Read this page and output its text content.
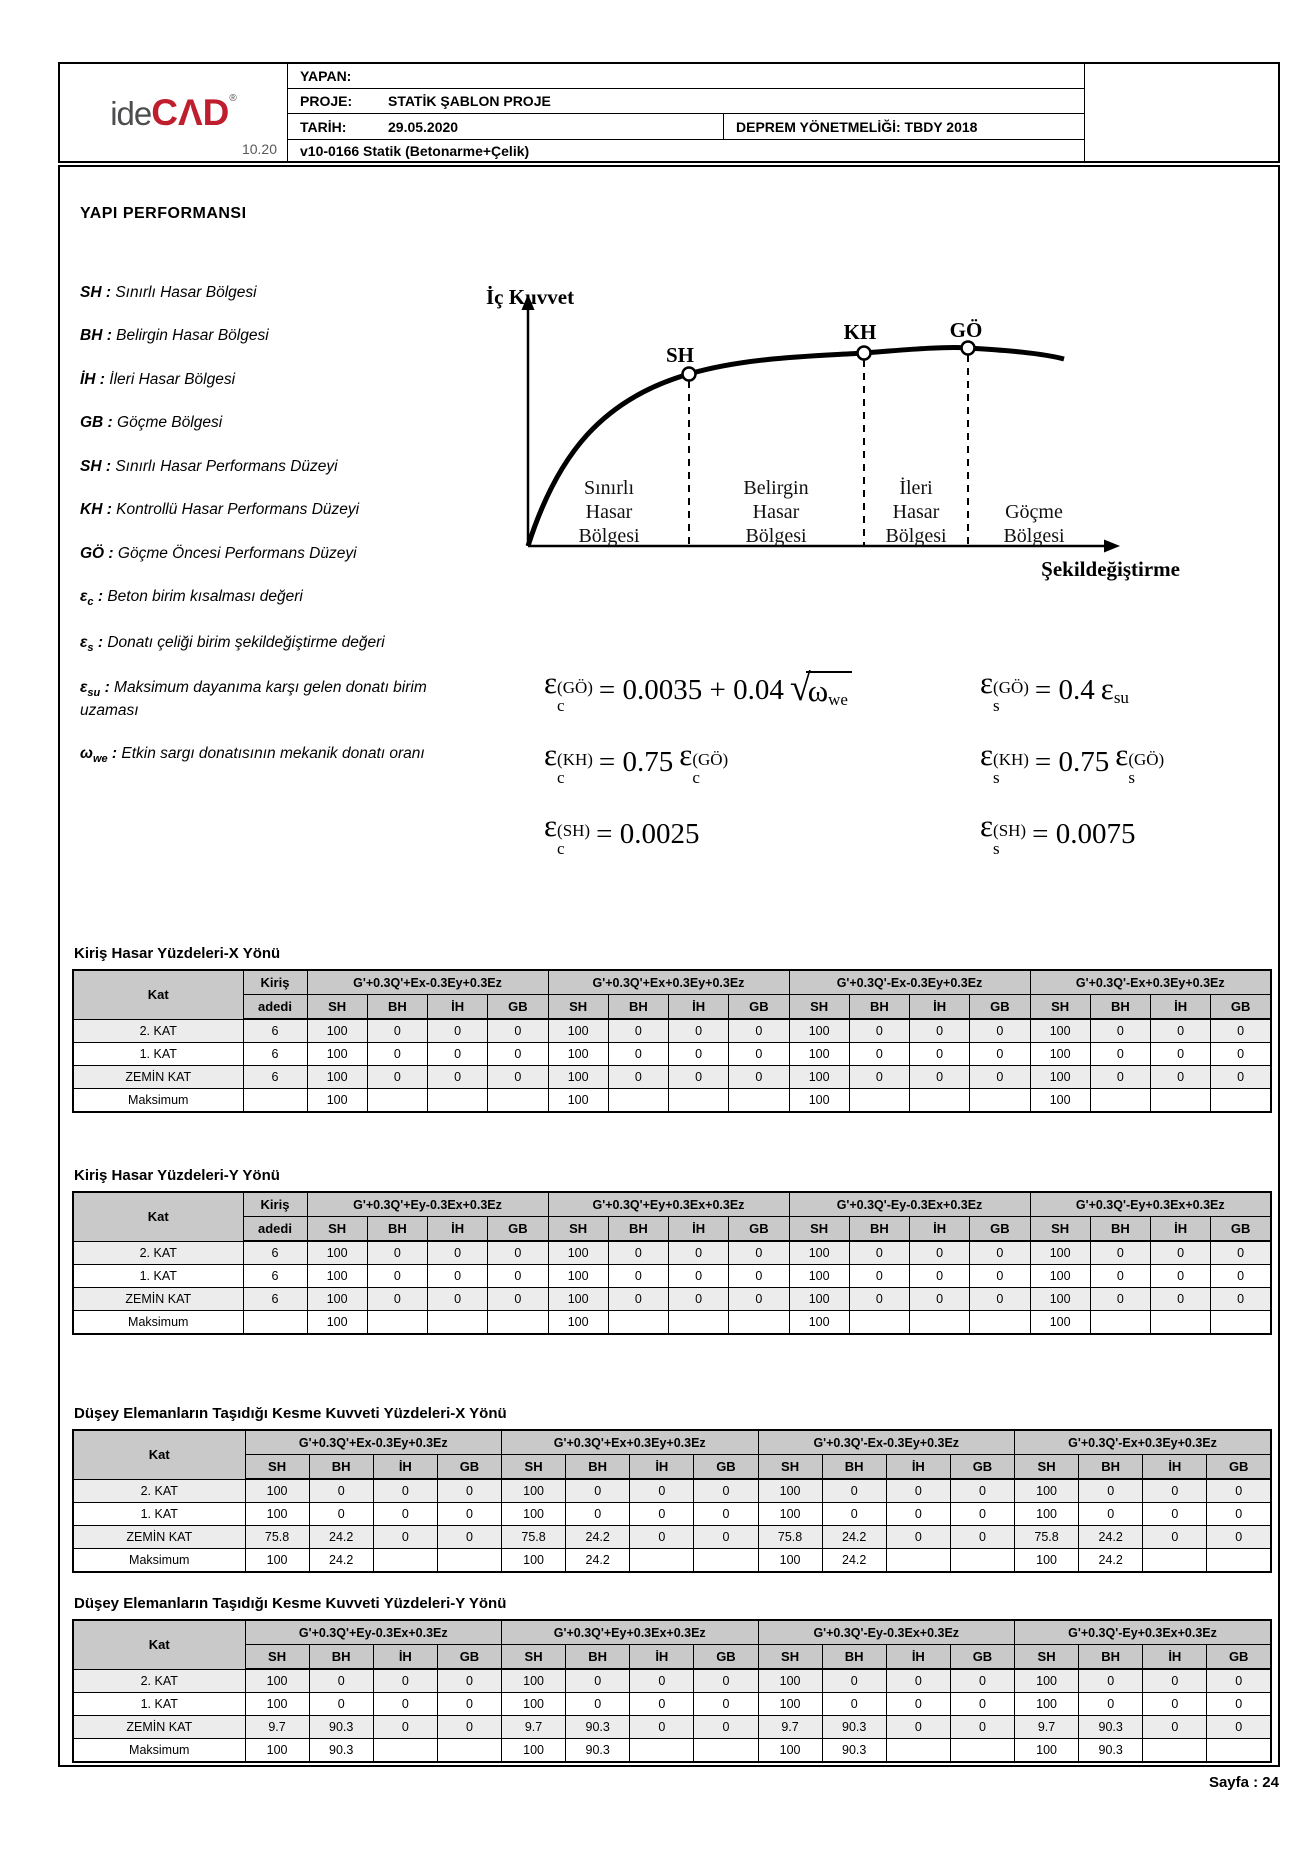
ideCΛD®
10.20
YAPAN:
PROJE:	STATİK ŞABLON PROJE
TARİH:	29.05.2020	DEPREM YÖNETMELİĞİ: TBDY 2018
v10-0166 Statik (Betonarme+Çelik)
YAPI PERFORMANSI
SH : Sınırlı Hasar Bölgesi
BH : Belirgin Hasar Bölgesi
İH : İleri Hasar Bölgesi
GB : Göçme Bölgesi
SH : Sınırlı Hasar Performans Düzeyi
KH : Kontrollü Hasar Performans Düzeyi
GÖ : Göçme Öncesi Performans Düzeyi
$\varepsilon_c$ : Beton birim kısalması değeri
$\varepsilon_s$ : Donatı çeliği birim şekildeğiştirme değeri
$\varepsilon_{su}$ : Maksimum dayanıma karşı gelen donatı birim uzaması
$\omega_{we}$ : Etkin sargı donatısının mekanik donatı oranı
SH
KH	GÖ
İç Kuvvet
Şekildeğiştirme
Sınırlı Hasar Bölgesi
Belirgin Hasar Bölgesi
İleri Hasar Bölgesi
Göçme Bölgesi
ε (GÖ)
c = 0.0035 + 0.04 √
$\omega_{we}$	ε (GÖ)
s = 0.4 $\varepsilon_{su}$
ε (KH)
c = 0.75 ε (GÖ)
c
ε (KH)
s = 0.75 ε (GÖ)
s
ε (SH)
c = 0.0025	ε (SH)
s = 0.0075
Kiriş Hasar Yüzdeleri-X Yönü
Kat	Kiriş	G'+0.3Q'+Ex-0.3Ey+0.3Ez				G'+0.3Q'+Ex+0.3Ey+0.3Ez				G'+0.3Q'-Ex-0.3Ey+0.3Ez				G'+0.3Q'-Ex+0.3Ey+0.3Ez			
	adedi	SH	BH	İH	GB	SH	BH	İH	GB	SH	BH	İH	GB	SH	BH	İH	GB
2. KAT	6	100	0	0	0	100	0	0	0	100	0	0	0	100	0	0	0
1. KAT	6	100	0	0	0	100	0	0	0	100	0	0	0	100	0	0	0
ZEMİN KAT	6	100	0	0	0	100	0	0	0	100	0	0	0	100	0	0	0
Maksimum		100				100				100				100			
Kiriş Hasar Yüzdeleri-Y Yönü
Kat	Kiriş	G'+0.3Q'+Ey-0.3Ex+0.3Ez				G'+0.3Q'+Ey+0.3Ex+0.3Ez				G'+0.3Q'-Ey-0.3Ex+0.3Ez				G'+0.3Q'-Ey+0.3Ex+0.3Ez			
	adedi	SH	BH	İH	GB	SH	BH	İH	GB	SH	BH	İH	GB	SH	BH	İH	GB
2. KAT	6	100	0	0	0	100	0	0	0	100	0	0	0	100	0	0	0
1. KAT	6	100	0	0	0	100	0	0	0	100	0	0	0	100	0	0	0
ZEMİN KAT	6	100	0	0	0	100	0	0	0	100	0	0	0	100	0	0	0
Maksimum		100				100				100				100			
Düşey Elemanların Taşıdığı Kesme Kuvveti Yüzdeleri-X Yönü
Kat	G'+0.3Q'+Ex-0.3Ey+0.3Ez				G'+0.3Q'+Ex+0.3Ey+0.3Ez				G'+0.3Q'-Ex-0.3Ey+0.3Ez				G'+0.3Q'-Ex+0.3Ey+0.3Ez			
	SH	BH	İH	GB	SH	BH	İH	GB	SH	BH	İH	GB	SH	BH	İH	GB
2. KAT	100	0	0	0	100	0	0	0	100	0	0	0	100	0	0	0
1. KAT	100	0	0	0	100	0	0	0	100	0	0	0	100	0	0	0
ZEMİN KAT	75.8	24.2	0	0	75.8	24.2	0	0	75.8	24.2	0	0	75.8	24.2	0	0
Maksimum	100	24.2			100	24.2			100	24.2			100	24.2		
Düşey Elemanların Taşıdığı Kesme Kuvveti Yüzdeleri-Y Yönü
Kat	G'+0.3Q'+Ey-0.3Ex+0.3Ez				G'+0.3Q'+Ey+0.3Ex+0.3Ez				G'+0.3Q'-Ey-0.3Ex+0.3Ez				G'+0.3Q'-Ey+0.3Ex+0.3Ez			
	SH	BH	İH	GB	SH	BH	İH	GB	SH	BH	İH	GB	SH	BH	İH	GB
2. KAT	100	0	0	0	100	0	0	0	100	0	0	0	100	0	0	0
1. KAT	100	0	0	0	100	0	0	0	100	0	0	0	100	0	0	0
ZEMİN KAT	9.7	90.3	0	0	9.7	90.3	0	0	9.7	90.3	0	0	9.7	90.3	0	0
Maksimum	100	90.3			100	90.3			100	90.3			100	90.3		
Sayfa : 24
